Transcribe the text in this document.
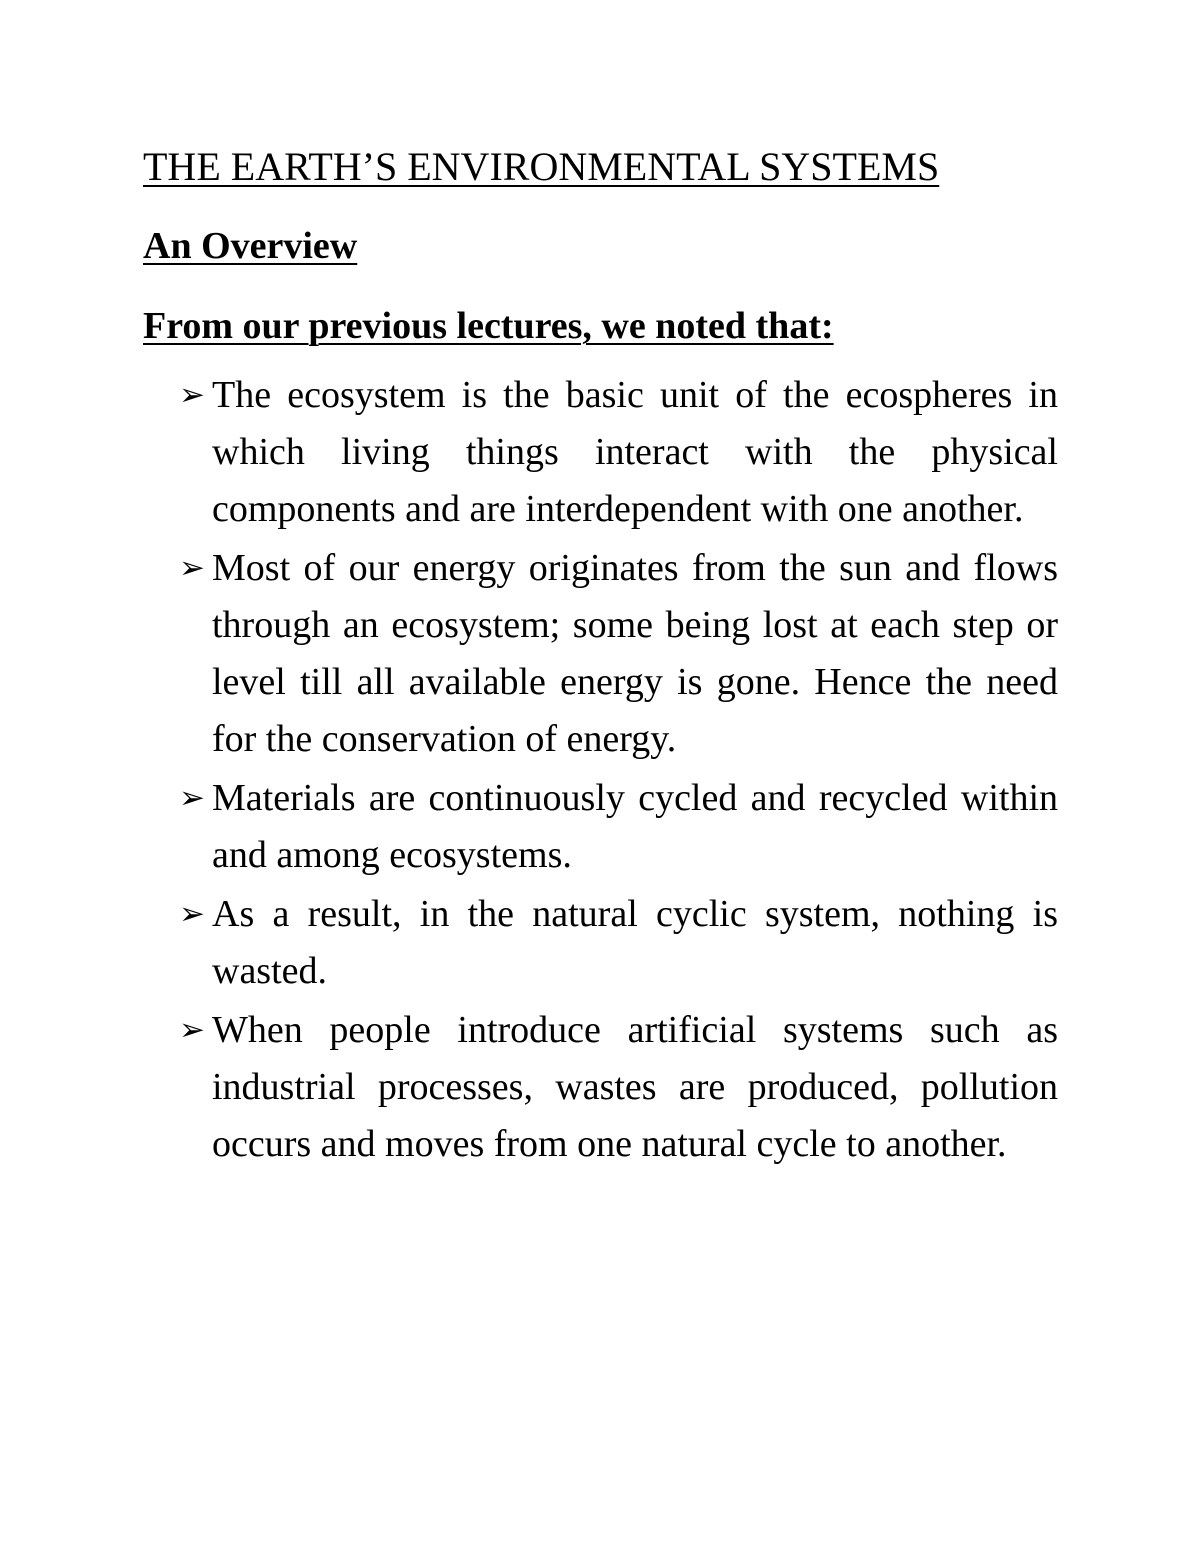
THE EARTH’S ENVIRONMENTAL SYSTEMS
An Overview

From our previous lectures, we noted that:

➢ The ecosystem is the basic unit of the ecospheres in which living things interact with the physical components and are interdependent with one another.
➢ Most of our energy originates from the sun and flows through an ecosystem; some being lost at each step or level till all available energy is gone. Hence the need for the conservation of energy.
➢ Materials are continuously cycled and recycled within and among ecosystems.
➢ As a result, in the natural cyclic system, nothing is wasted.
➢ When people introduce artificial systems such as industrial processes, wastes are produced, pollution occurs and moves from one natural cycle to another.
